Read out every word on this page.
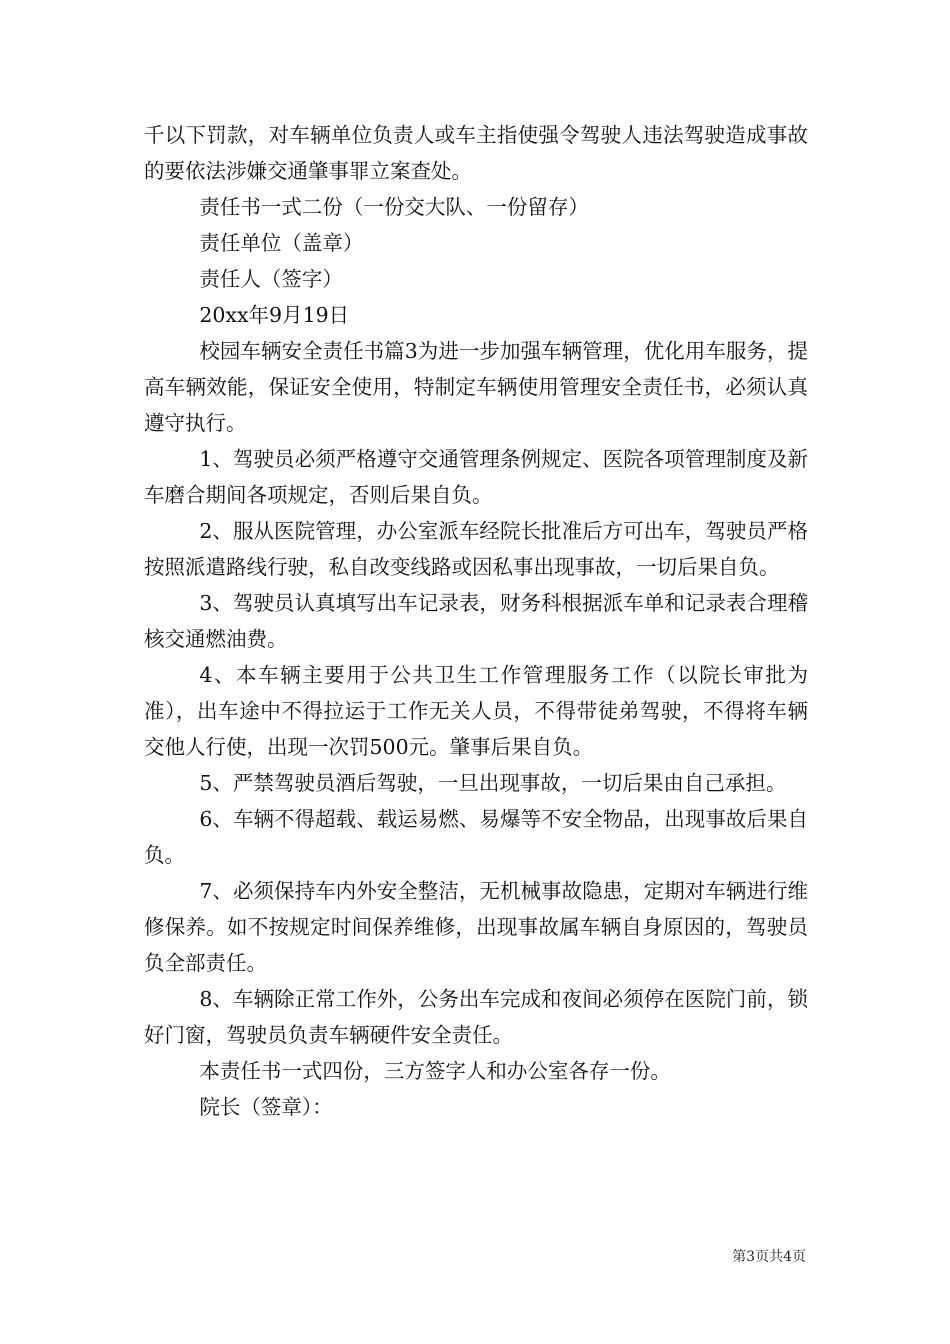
千以下罚款，对车辆单位负责人或车主指使强令驾驶人违法驾驶造成事故的要依法涉嫌交通肇事罪立案查处。

责任书一式二份（一份交大队、一份留存）

责任单位（盖章）

责任人（签字）

20xx年9月19日

校园车辆安全责任书篇3为进一步加强车辆管理，优化用车服务，提高车辆效能，保证安全使用，特制定车辆使用管理安全责任书，必须认真遵守执行。

1、驾驶员必须严格遵守交通管理条例规定、医院各项管理制度及新车磨合期间各项规定，否则后果自负。

2、服从医院管理，办公室派车经院长批准后方可出车，驾驶员严格按照派遣路线行驶，私自改变线路或因私事出现事故，一切后果自负。

3、驾驶员认真填写出车记录表，财务科根据派车单和记录表合理稽核交通燃油费。

4、本车辆主要用于公共卫生工作管理服务工作（以院长审批为准），出车途中不得拉运于工作无关人员，不得带徒弟驾驶，不得将车辆交他人行使，出现一次罚500元。肇事后果自负。

5、严禁驾驶员酒后驾驶，一旦出现事故，一切后果由自己承担。

6、车辆不得超载、载运易燃、易爆等不安全物品，出现事故后果自负。

7、必须保持车内外安全整洁，无机械事故隐患，定期对车辆进行维修保养。如不按规定时间保养维修，出现事故属车辆自身原因的，驾驶员负全部责任。

8、车辆除正常工作外，公务出车完成和夜间必须停在医院门前，锁好门窗，驾驶员负责车辆硬件安全责任。

本责任书一式四份，三方签字人和办公室各存一份。

院长（签章）：

第3页共4页
